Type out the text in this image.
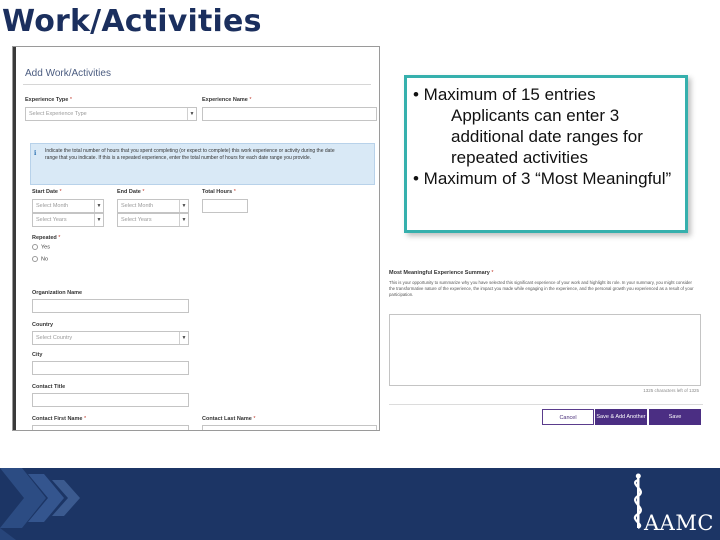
Work/Activities
Add Work/Activities
Experience Type *
Select Experience Type	▼
Experience Name *
i	Indicate the total number of hours that you spent completing (or expect to complete) this work experience or activity during the date range that you indicate. If this is a repeated experience, enter the total number of hours for each date range you provide.
Start Date *
Select Month	▼
Select Years	▼
End Date *
Select Month	▼
Select Years	▼
Total Hours *
Repeated *
Yes
No
Organization Name
Country
Select Country	▼
City
Contact Title
Contact First Name *	Contact Last Name *
• Maximum of 15 entries
Applicants can enter 3 additional date ranges for repeated activities
• Maximum of 3 “Most Meaningful”
Most Meaningful Experience Summary *
This is your opportunity to summarize why you have selected this significant experience of your work and highlight its role. In your summary, you might consider the transformative nature of the experience, the impact you made while engaging in the experience, and the personal growth you experienced as a result of your participation.
1325 characters left of 1325
Cancel	Save & Add Another	Save
AAMC
